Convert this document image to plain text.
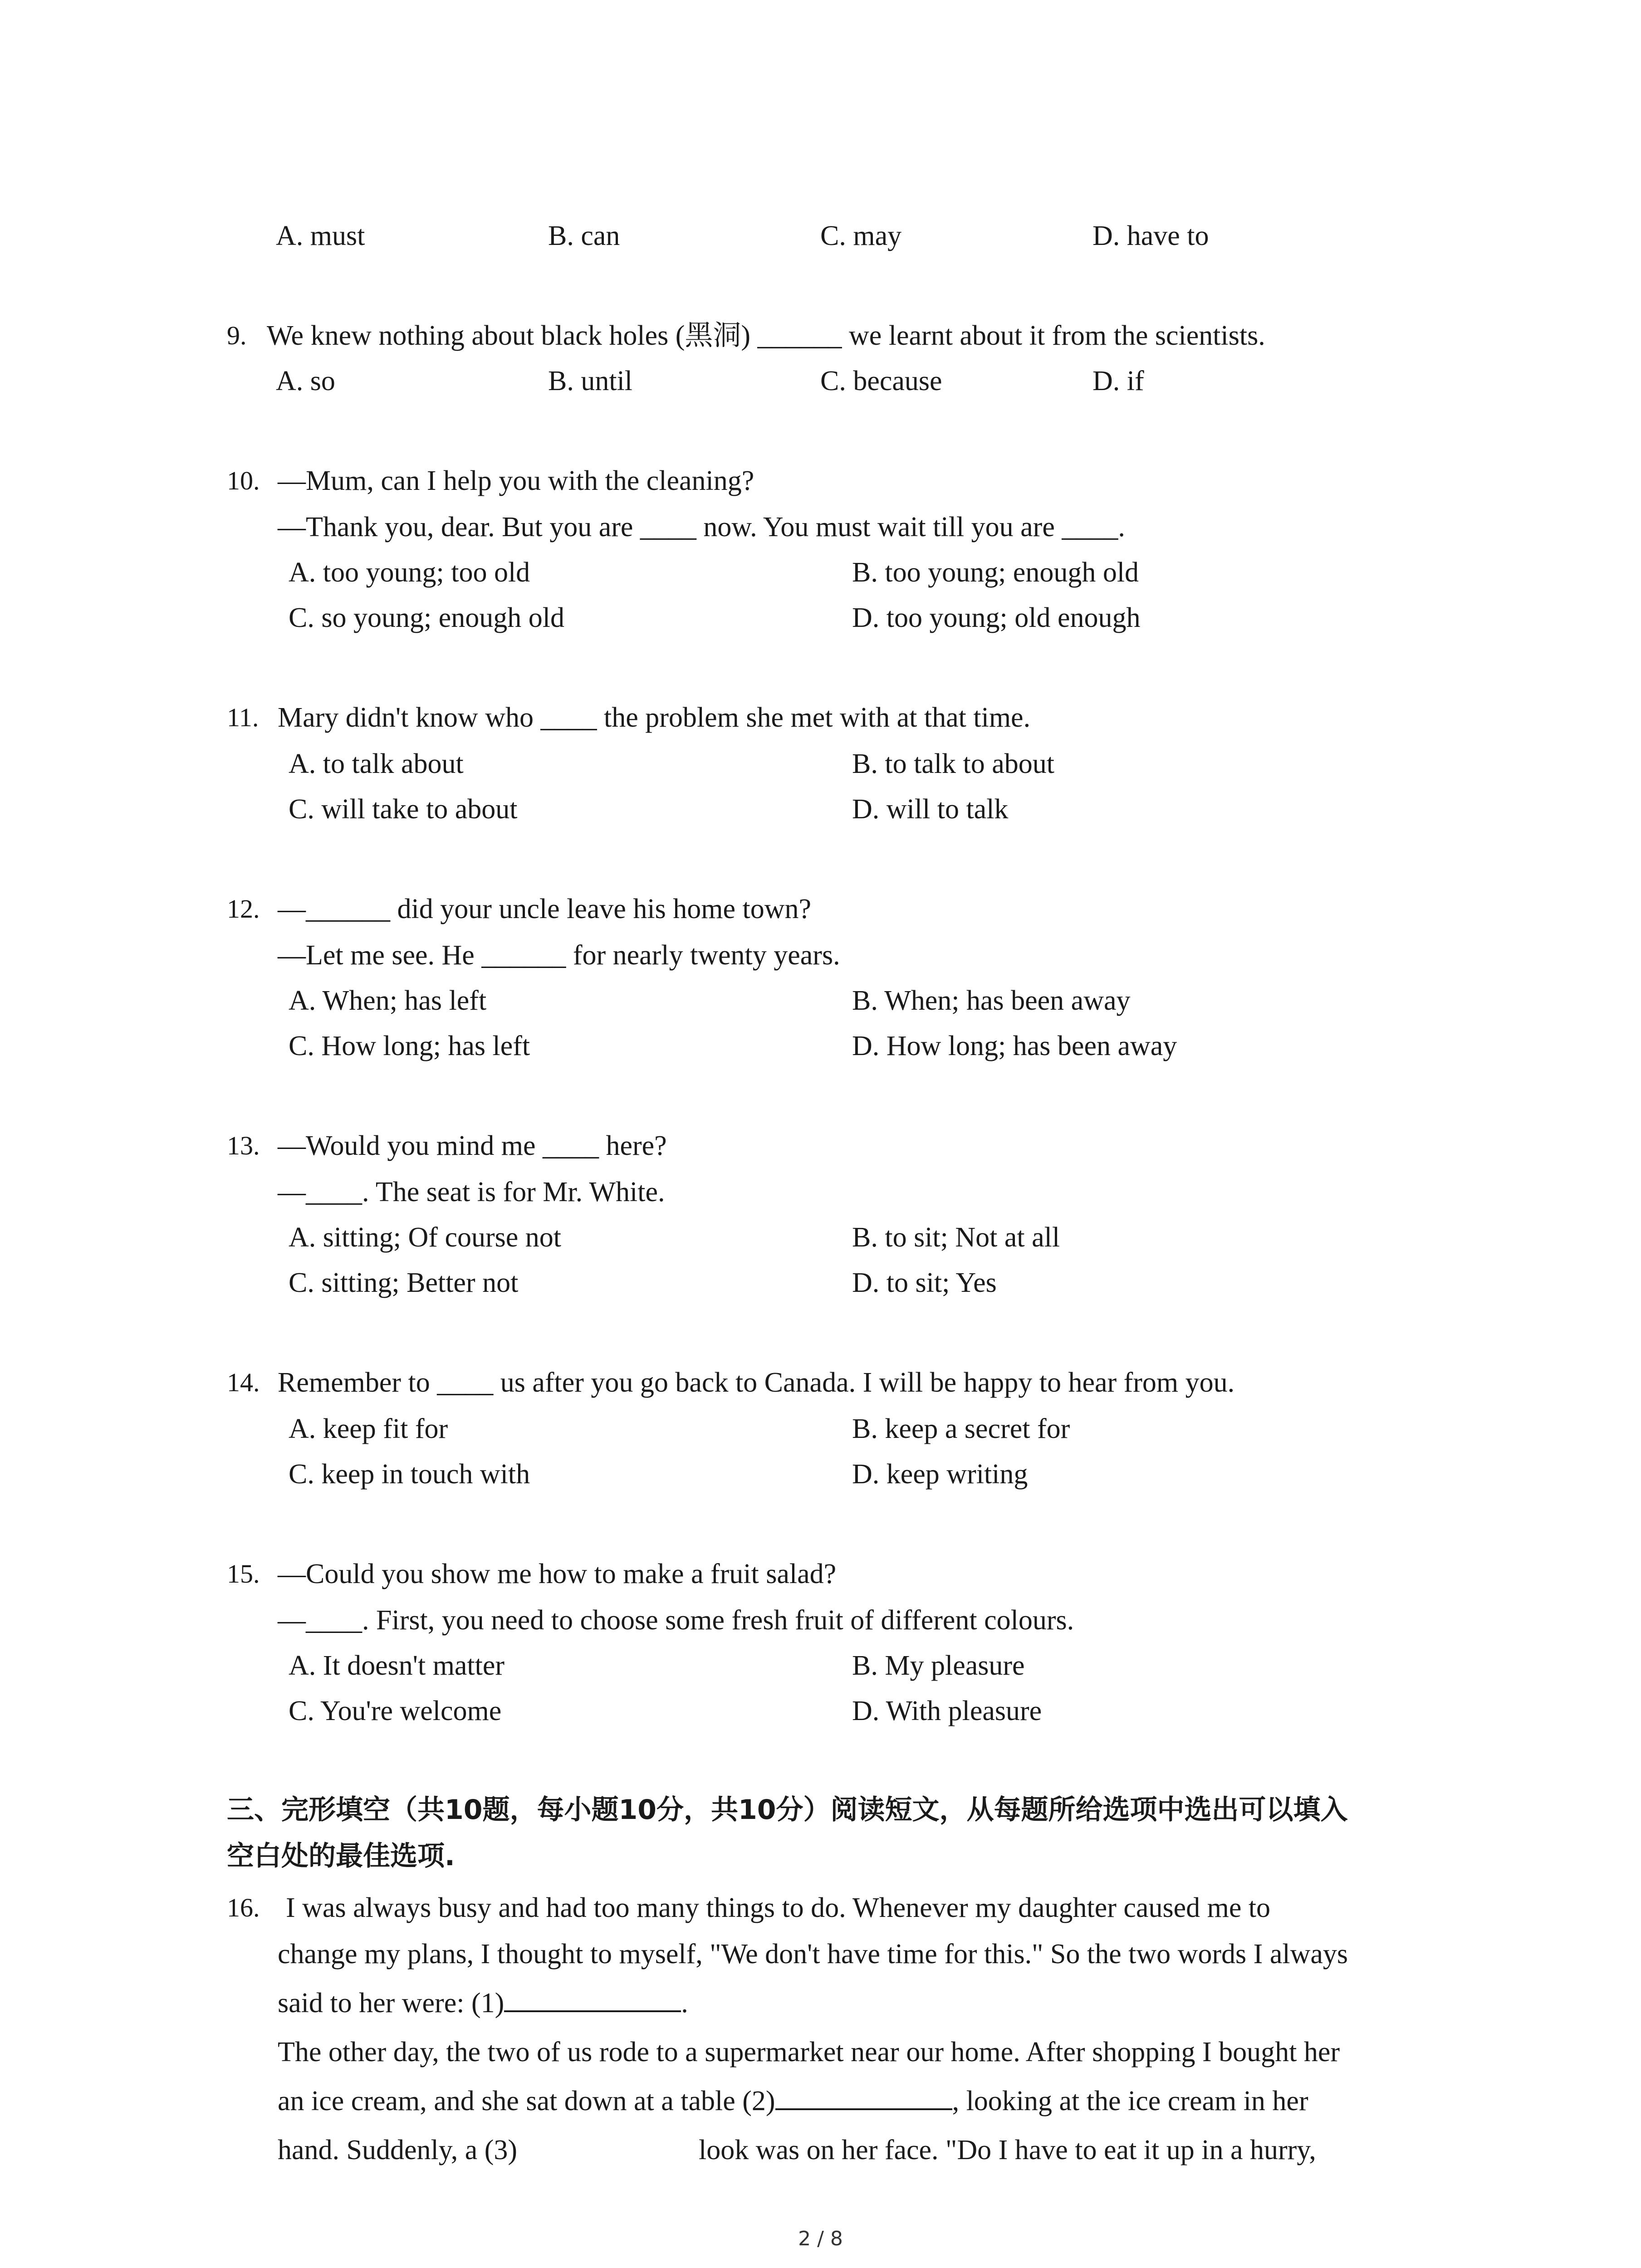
A. must	B. can	C. may	D. have to
9. We knew nothing about black holes (黑洞) ______ we learnt about it from the scientists.
A. so	B. until	C. because	D. if
10. —Mum, can I help you with the cleaning?
—Thank you, dear. But you are ____ now. You must wait till you are ____.
A. too young; too old	B. too young; enough old
C. so young; enough old	D. too young; old enough
11. Mary didn't know who ____ the problem she met with at that time.
A. to talk about	B. to talk to about
C. will take to about	D. will to talk
12. —______ did your uncle leave his home town?
—Let me see. He ______ for nearly twenty years.
A. When; has left	B. When; has been away
C. How long; has left	D. How long; has been away
13. —Would you mind me ____ here?
—____. The seat is for Mr. White.
A. sitting; Of course not	B. to sit; Not at all
C. sitting; Better not	D. to sit; Yes
14. Remember to ____ us after you go back to Canada. I will be happy to hear from you.
A. keep fit for	B. keep a secret for
C. keep in touch with	D. keep writing
15. —Could you show me how to make a fruit salad?
—____. First, you need to choose some fresh fruit of different colours.
A. It doesn't matter	B. My pleasure
C. You're welcome	D. With pleasure
三、完形填空（共10题，每小题10分，共10分）阅读短文，从每题所给选项中选出可以填入
空白处的最佳选项.
16. I was always busy and had too many things to do. Whenever my daughter caused me to
change my plans, I thought to myself, "We don't have time for this." So the two words I always
said to her were: (1)	.
The other day, the two of us rode to a supermarket near our home. After shopping I bought her
an ice cream, and she sat down at a table (2)	, looking at the ice cream in her
hand. Suddenly, a (3)	look was on her face. "Do I have to eat it up in a hurry,
2 / 8
